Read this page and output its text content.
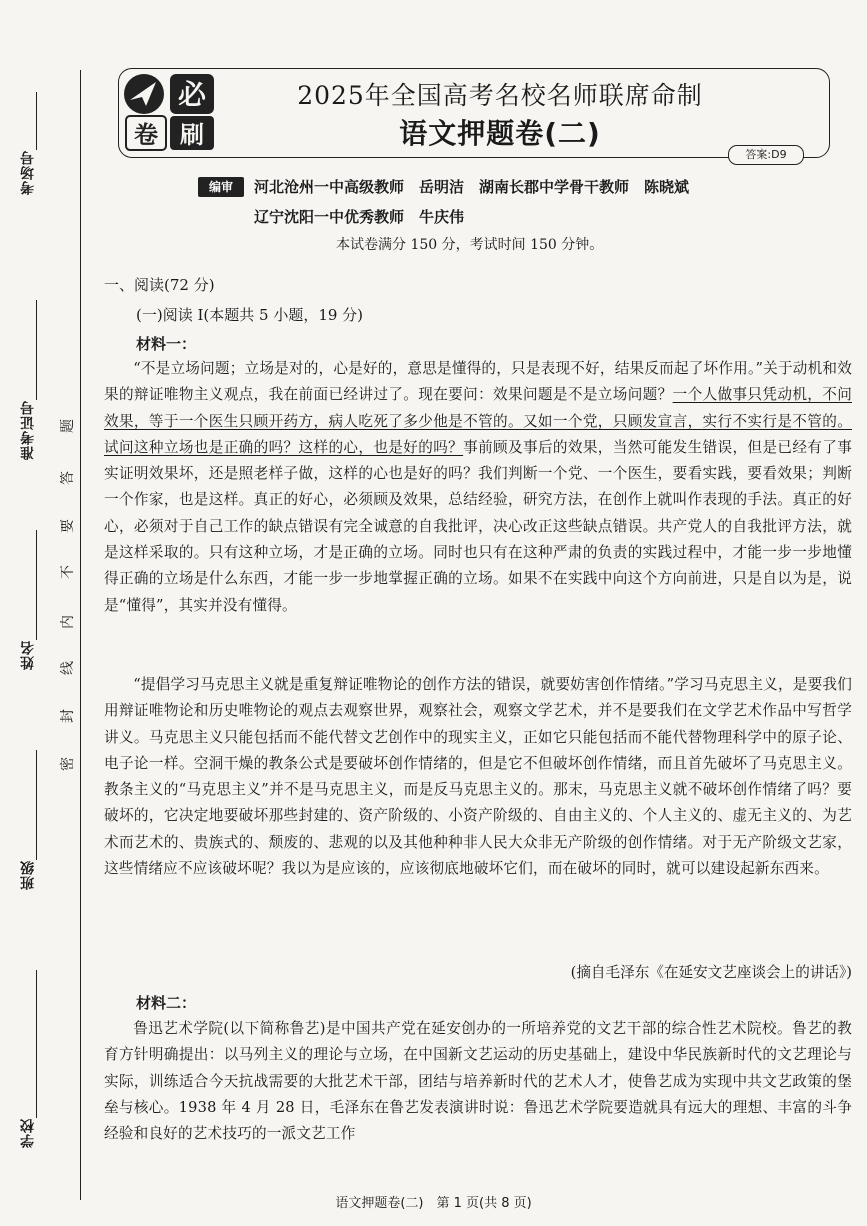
考场号
准考证号
姓名
班级
学校
题
答
要
不
内
线
封
密
必
卷 刷
2025年全国高考名校名师联席命制
语文押题卷(二)
答案:D9
编审	河北沧州一中高级教师　岳明洁　湖南长郡中学骨干教师　陈晓斌
辽宁沈阳一中优秀教师　牛庆伟
本试卷满分 150 分，考试时间 150 分钟。
一、阅读(72 分)
(一)阅读 Ⅰ(本题共 5 小题，19 分)
材料一：
“不是立场问题；立场是对的，心是好的，意思是懂得的，只是表现不好，结果反而起了坏作用。”关于动机和效果的辩证唯物主义观点，我在前面已经讲过了。现在要问：效果问题是不是立场问题？一个人做事只凭动机，不问效果，等于一个医生只顾开药方，病人吃死了多少他是不管的。又如一个党，只顾发宣言，实行不实行是不管的。试问这种立场也是正确的吗？这样的心，也是好的吗？事前顾及事后的效果，当然可能发生错误，但是已经有了事实证明效果坏，还是照老样子做，这样的心也是好的吗？我们判断一个党、一个医生，要看实践，要看效果；判断一个作家，也是这样。真正的好心，必须顾及效果，总结经验，研究方法，在创作上就叫作表现的手法。真正的好心，必须对于自己工作的缺点错误有完全诚意的自我批评，决心改正这些缺点错误。共产党人的自我批评方法，就是这样采取的。只有这种立场，才是正确的立场。同时也只有在这种严肃的负责的实践过程中，才能一步一步地懂得正确的立场是什么东西，才能一步一步地掌握正确的立场。如果不在实践中向这个方向前进，只是自以为是，说是“懂得”，其实并没有懂得。
“提倡学习马克思主义就是重复辩证唯物论的创作方法的错误，就要妨害创作情绪。”学习马克思主义，是要我们用辩证唯物论和历史唯物论的观点去观察世界，观察社会，观察文学艺术，并不是要我们在文学艺术作品中写哲学讲义。马克思主义只能包括而不能代替文艺创作中的现实主义，正如它只能包括而不能代替物理科学中的原子论、电子论一样。空洞干燥的教条公式是要破坏创作情绪的，但是它不但破坏创作情绪，而且首先破坏了马克思主义。教条主义的“马克思主义”并不是马克思主义，而是反马克思主义的。那末，马克思主义就不破坏创作情绪了吗？要破坏的，它决定地要破坏那些封建的、资产阶级的、小资产阶级的、自由主义的、个人主义的、虚无主义的、为艺术而艺术的、贵族式的、颓废的、悲观的以及其他种种非人民大众非无产阶级的创作情绪。对于无产阶级文艺家，这些情绪应不应该破坏呢？我以为是应该的，应该彻底地破坏它们，而在破坏的同时，就可以建设起新东西来。
(摘自毛泽东《在延安文艺座谈会上的讲话》)
材料二：
鲁迅艺术学院(以下简称鲁艺)是中国共产党在延安创办的一所培养党的文艺干部的综合性艺术院校。鲁艺的教育方针明确提出：以马列主义的理论与立场，在中国新文艺运动的历史基础上，建设中华民族新时代的文艺理论与实际，训练适合今天抗战需要的大批艺术干部，团结与培养新时代的艺术人才，使鲁艺成为实现中共文艺政策的堡垒与核心。1938 年 4 月 28 日，毛泽东在鲁艺发表演讲时说：鲁迅艺术学院要造就具有远大的理想、丰富的斗争经验和良好的艺术技巧的一派文艺工作
语文押题卷(二)　第 1 页(共 8 页)
